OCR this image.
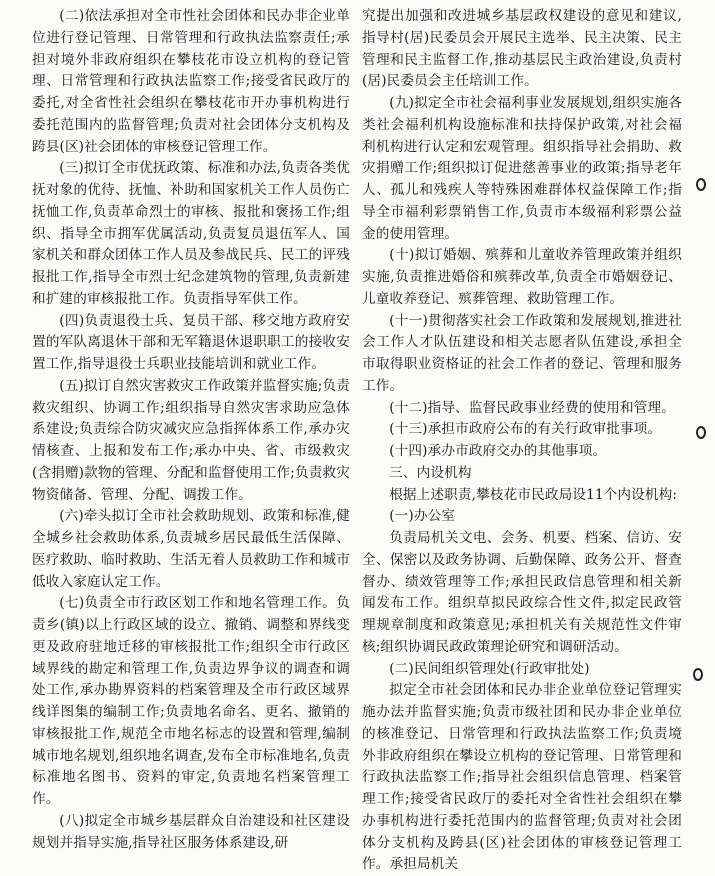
(二)依法承担对全市性社会团体和民办非企业单位进行登记管理、日常管理和行政执法监察责任;承担对境外非政府组织在攀枝花市设立机构的登记管理、日常管理和行政执法监察工作;接受省民政厅的委托,对全省性社会组织在攀枝花市开办事机构进行委托范围内的监督管理;负责对社会团体分支机构及跨县(区)社会团体的审核登记管理工作。

(三)拟订全市优抚政策、标准和办法,负责各类优抚对象的优待、抚恤、补助和国家机关工作人员伤亡抚恤工作,负责革命烈士的审核、报批和褒扬工作;组织、指导全市拥军优属活动,负责复员退伍军人、国家机关和群众团体工作人员及参战民兵、民工的评残报批工作,指导全市烈士纪念建筑物的管理,负责新建和扩建的审核报批工作。负责指导军供工作。

(四)负责退役士兵、复员干部、移交地方政府安置的军队离退休干部和无军籍退休退职职工的接收安置工作,指导退役士兵职业技能培训和就业工作。

(五)拟订自然灾害救灾工作政策并监督实施;负责救灾组织、协调工作;组织指导自然灾害求助应急体系建设;负责综合防灾减灾应急指挥体系工作,承办灾情核查、上报和发布工作;承办中央、省、市级救灾(含捐赠)款物的管理、分配和监督使用工作;负责救灾物资储备、管理、分配、调拨工作。

(六)牵头拟订全市社会救助规划、政策和标准,健全城乡社会救助体系,负责城乡居民最低生活保障、医疗救助、临时救助、生活无着人员救助工作和城市低收入家庭认定工作。

(七)负责全市行政区划工作和地名管理工作。负责乡(镇)以上行政区域的设立、撤销、调整和界线变更及政府驻地迁移的审核报批工作;组织全市行政区域界线的勘定和管理工作,负责边界争议的调查和调处工作,承办勘界资料的档案管理及全市行政区域界线详图集的编制工作;负责地名命名、更名、撤销的审核报批工作,规范全市地名标志的设置和管理,编制城市地名规划,组织地名调查,发布全市标准地名,负责标准地名图书、资料的审定,负责地名档案管理工作。

(八)拟定全市城乡基层群众自治建设和社区建设规划并指导实施,指导社区服务体系建设,研

究提出加强和改进城乡基层政权建设的意见和建议,指导村(居)民委员会开展民主选举、民主决策、民主管理和民主监督工作,推动基层民主政治建设,负责村(居)民委员会主任培训工作。

(九)拟定全市社会福利事业发展规划,组织实施各类社会福利机构设施标准和扶持保护政策,对社会福利机构进行认定和宏观管理。组织指导社会捐助、救灾捐赠工作;组织拟订促进慈善事业的政策;指导老年人、孤儿和残疾人等特殊困难群体权益保障工作;指导全市福利彩票销售工作,负责市本级福利彩票公益金的使用管理。

(十)拟订婚姻、殡葬和儿童收养管理政策并组织实施,负责推进婚俗和殡葬改革,负责全市婚姻登记、儿童收养登记、殡葬管理、救助管理工作。

(十一)贯彻落实社会工作政策和发展规划,推进社会工作人才队伍建设和相关志愿者队伍建设,承担全市取得职业资格证的社会工作者的登记、管理和服务工作。

(十二)指导、监督民政事业经费的使用和管理。

(十三)承担市政府公布的有关行政审批事项。

(十四)承办市政府交办的其他事项。

三、内设机构

根据上述职责,攀枝花市民政局设11个内设机构:

(一)办公室

负责局机关文电、会务、机要、档案、信访、安全、保密以及政务协调、后勤保障、政务公开、督查督办、绩效管理等工作;承担民政信息管理和相关新闻发布工作。组织草拟民政综合性文件,拟定民政管理规章制度和政策意见;承担机关有关规范性文件审核;组织协调民政政策理论研究和调研活动。

(二)民间组织管理处(行政审批处)

拟定全市社会团体和民办非企业单位登记管理实施办法并监督实施;负责市级社团和民办非企业单位的核准登记、日常管理和行政执法监察工作;负责境外非政府组织在攀设立机构的登记管理、日常管理和行政执法监察工作;指导社会组织信息管理、档案管理工作;接受省民政厅的委托对全省性社会组织在攀办事机构进行委托范围内的监督管理;负责对社会团体分支机构及跨县(区)社会团体的审核登记管理工作。承担局机关
